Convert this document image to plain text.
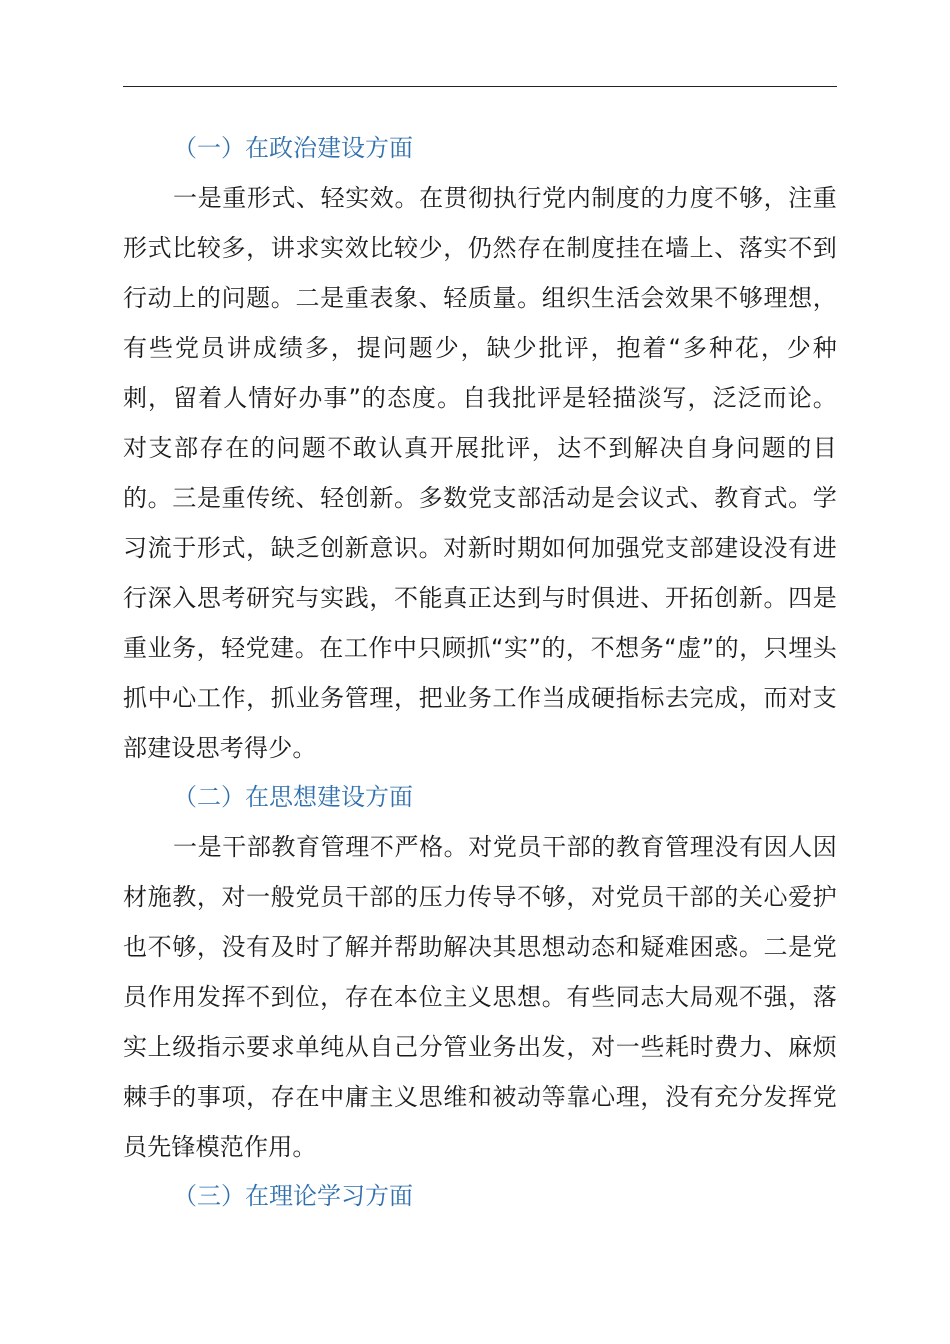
（一）在政治建设方面

一是重形式、轻实效。在贯彻执行党内制度的力度不够，注重形式比较多，讲求实效比较少，仍然存在制度挂在墙上、落实不到行动上的问题。二是重表象、轻质量。组织生活会效果不够理想，有些党员讲成绩多，提问题少，缺少批评，抱着“多种花，少种刺，留着人情好办事”的态度。自我批评是轻描淡写，泛泛而论。对支部存在的问题不敢认真开展批评，达不到解决自身问题的目的。三是重传统、轻创新。多数党支部活动是会议式、教育式。学习流于形式，缺乏创新意识。对新时期如何加强党支部建设没有进行深入思考研究与实践，不能真正达到与时俱进、开拓创新。四是重业务，轻党建。在工作中只顾抓“实”的，不想务“虚”的，只埋头抓中心工作，抓业务管理，把业务工作当成硬指标去完成，而对支部建设思考得少。

（二）在思想建设方面

一是干部教育管理不严格。对党员干部的教育管理没有因人因材施教，对一般党员干部的压力传导不够，对党员干部的关心爱护也不够，没有及时了解并帮助解决其思想动态和疑难困惑。二是党员作用发挥不到位，存在本位主义思想。有些同志大局观不强，落实上级指示要求单纯从自己分管业务出发，对一些耗时费力、麻烦棘手的事项，存在中庸主义思维和被动等靠心理，没有充分发挥党员先锋模范作用。

（三）在理论学习方面
